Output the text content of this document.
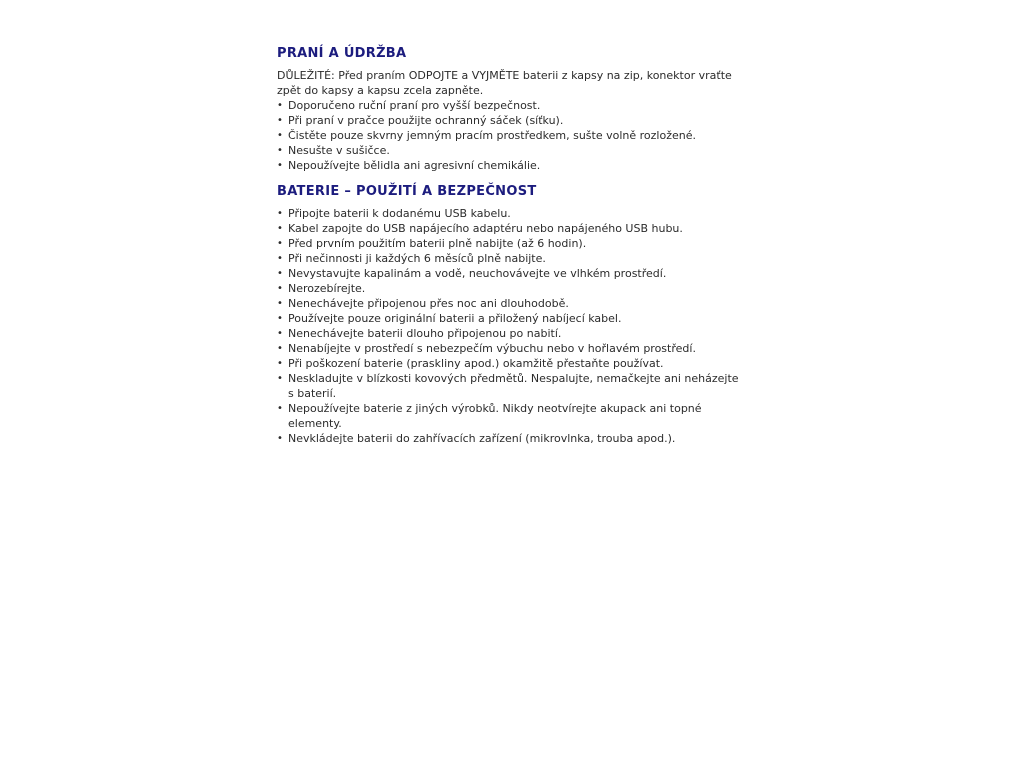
PRANÍ A ÚDRŽBA

DŮLEŽITÉ: Před praním ODPOJTE a VYJMĚTE baterii z kapsy na zip, konektor vraťte zpět do kapsy a kapsu zcela zapněte.

• Doporučeno ruční praní pro vyšší bezpečnost.
• Při praní v pračce použijte ochranný sáček (síťku).
• Čistěte pouze skvrny jemným pracím prostředkem, sušte volně rozložené.
• Nesušte v sušičce.
• Nepoužívejte bělidla ani agresivní chemikálie.
BATERIE – POUŽITÍ A BEZPEČNOST
• Připojte baterii k dodanému USB kabelu.
• Kabel zapojte do USB napájecího adaptéru nebo napájeného USB hubu.
• Před prvním použitím baterii plně nabijte (až 6 hodin).
• Při nečinnosti ji každých 6 měsíců plně nabijte.
• Nevystavujte kapalinám a vodě, neuchovávejte ve vlhkém prostředí.
• Nerozebírejte.
• Nenechávejte připojenou přes noc ani dlouhodobě.
• Používejte pouze originální baterii a přiložený nabíjecí kabel.
• Nenechávejte baterii dlouho připojenou po nabití.
• Nenabíjejte v prostředí s nebezpečím výbuchu nebo v hořlavém prostředí.
• Při poškození baterie (praskliny apod.) okamžitě přestaňte používat.
• Neskladujte v blízkosti kovových předmětů. Nespalujte, nemačkejte ani neházejte s baterií.
• Nepoužívejte baterie z jiných výrobků. Nikdy neotvírejte akupack ani topné elementy.
• Nevkládejte baterii do zahřívacích zařízení (mikrovlnka, trouba apod.).
